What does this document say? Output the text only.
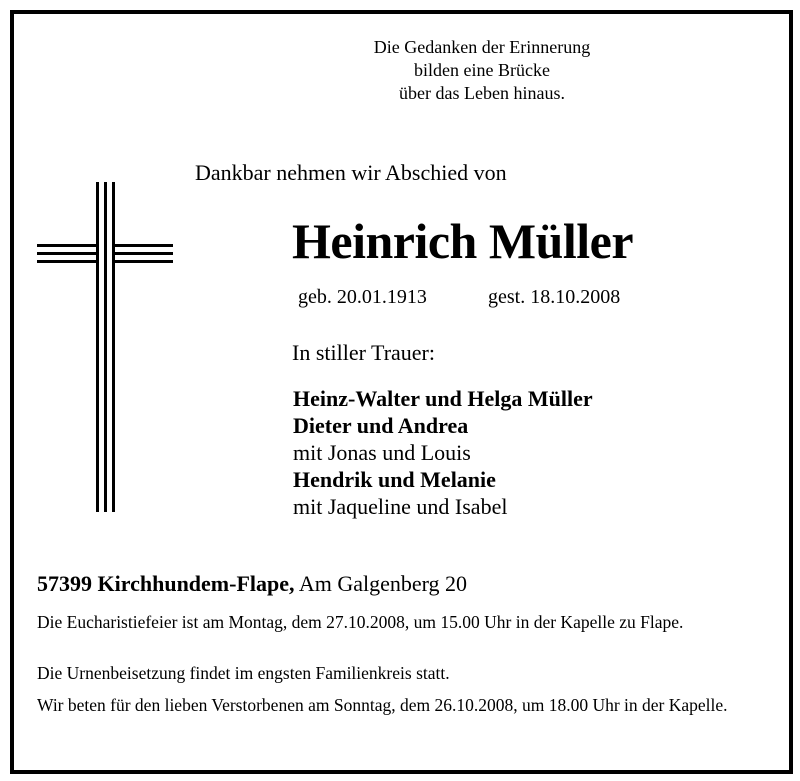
Die Gedanken der Erinnerung
bilden eine Brücke
über das Leben hinaus.
Dankbar nehmen wir Abschied von
Heinrich Müller
geb. 20.01.1913	gest. 18.10.2008
In stiller Trauer:
Heinz-Walter und Helga Müller
Dieter und Andrea
mit Jonas und Louis
Hendrik und Melanie
mit Jaqueline und Isabel
57399 Kirchhundem-Flape, Am Galgenberg 20

Die Eucharistiefeier ist am Montag, dem 27.10.2008, um 15.00 Uhr in der Kapelle zu Flape.

Die Urnenbeisetzung findet im engsten Familienkreis statt.

Wir beten für den lieben Verstorbenen am Sonntag, dem 26.10.2008, um 18.00 Uhr in der Kapelle.
